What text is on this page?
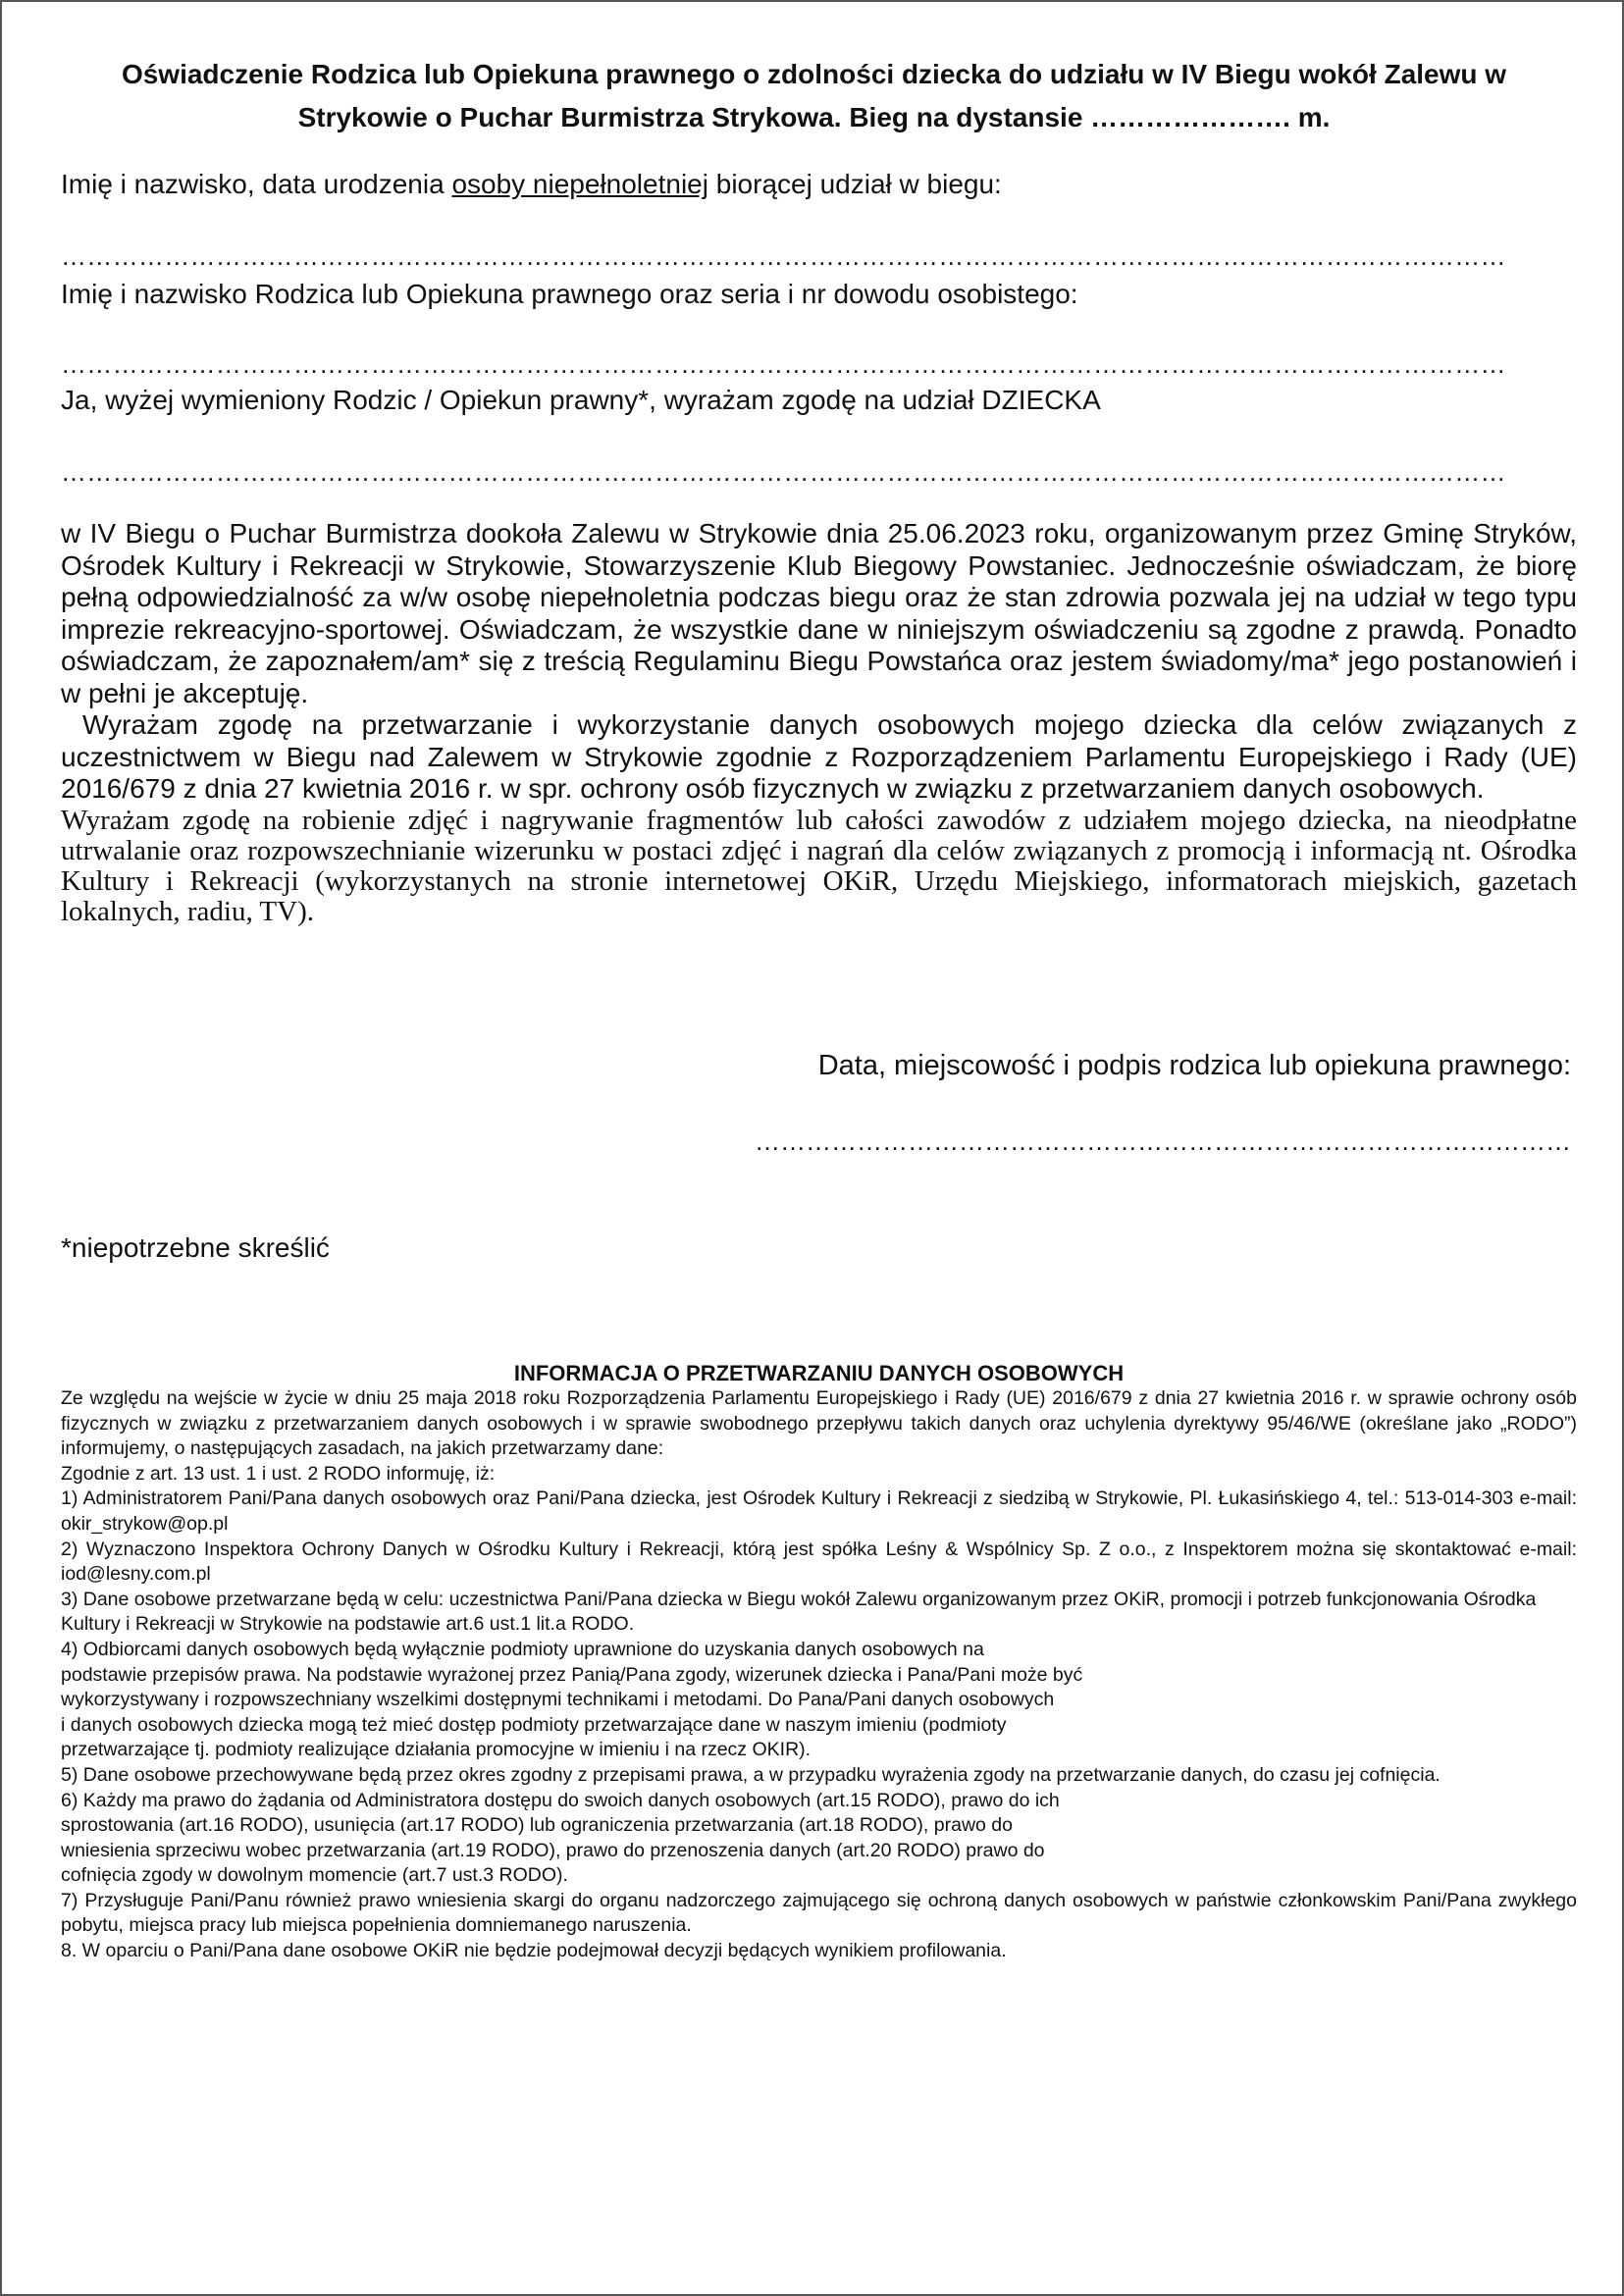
Oświadczenie Rodzica lub Opiekuna prawnego o zdolności dziecka do udziału w IV Biegu wokół Zalewu w Strykowie o Puchar Burmistrza Strykowa. Bieg na dystansie …………………. m.
Imię i nazwisko, data urodzenia osoby niepełnoletniej biorącej udział w biegu:
……………………………………………………………………………………………………………………………………………………
Imię i nazwisko Rodzica lub Opiekuna prawnego oraz seria i nr dowodu osobistego:
……………………………………………………………………………………………………………………………………………………
Ja, wyżej wymieniony Rodzic / Opiekun prawny*, wyrażam zgodę na udział DZIECKA
……………………………………………………………………………………………………………………………………………………

w IV Biegu o Puchar Burmistrza dookoła Zalewu w Strykowie dnia 25.06.2023 roku, organizowanym przez Gminę Stryków, Ośrodek Kultury i Rekreacji w Strykowie, Stowarzyszenie Klub Biegowy Powstaniec. Jednocześnie oświadczam, że biorę pełną odpowiedzialność za w/w osobę niepełnoletnia podczas biegu oraz że stan zdrowia pozwala jej na udział w tego typu imprezie rekreacyjno-sportowej. Oświadczam, że wszystkie dane w niniejszym oświadczeniu są zgodne z prawdą. Ponadto oświadczam, że zapoznałem/am* się z treścią Regulaminu Biegu Powstańca oraz jestem świadomy/ma* jego postanowień i w pełni je akceptuję.

Wyrażam zgodę na przetwarzanie i wykorzystanie danych osobowych mojego dziecka dla celów związanych z uczestnictwem w Biegu nad Zalewem w Strykowie zgodnie z Rozporządzeniem Parlamentu Europejskiego i Rady (UE) 2016/679 z dnia 27 kwietnia 2016 r. w spr. ochrony osób fizycznych w związku z przetwarzaniem danych osobowych.

Wyrażam zgodę na robienie zdjęć i nagrywanie fragmentów lub całości zawodów z udziałem mojego dziecka, na nieodpłatne utrwalanie oraz rozpowszechnianie wizerunku w postaci zdjęć i nagrań dla celów związanych z promocją i informacją nt. Ośrodka Kultury i Rekreacji (wykorzystanych na stronie internetowej OKiR, Urzędu Miejskiego, informatorach miejskich, gazetach lokalnych, radiu, TV).

Data, miejscowość i podpis rodzica lub opiekuna prawnego:
……………………………………………………………………………………
*niepotrzebne skreślić
INFORMACJA O PRZETWARZANIU DANYCH OSOBOWYCH

Ze względu na wejście w życie w dniu 25 maja 2018 roku Rozporządzenia Parlamentu Europejskiego i Rady (UE) 2016/679 z dnia 27 kwietnia 2016 r. w sprawie ochrony osób fizycznych w związku z przetwarzaniem danych osobowych i w sprawie swobodnego przepływu takich danych oraz uchylenia dyrektywy 95/46/WE (określane jako „RODO”) informujemy, o następujących zasadach, na jakich przetwarzamy dane:

Zgodnie z art. 13 ust. 1 i ust. 2 RODO informuję, iż:

1) Administratorem Pani/Pana danych osobowych oraz Pani/Pana dziecka, jest Ośrodek Kultury i Rekreacji z siedzibą w Strykowie, Pl. Łukasińskiego 4, tel.: 513-014-303 e-mail: okir_strykow@op.pl

2) Wyznaczono Inspektora Ochrony Danych w Ośrodku Kultury i Rekreacji, którą jest spółka Leśny & Wspólnicy Sp. Z o.o., z Inspektorem można się skontaktować e-mail: iod@lesny.com.pl

3) Dane osobowe przetwarzane będą w celu: uczestnictwa Pani/Pana dziecka w Biegu wokół Zalewu organizowanym przez OKiR, promocji i potrzeb funkcjonowania Ośrodka Kultury i Rekreacji w Strykowie na podstawie art.6 ust.1 lit.a RODO.

4) Odbiorcami danych osobowych będą wyłącznie podmioty uprawnione do uzyskania danych osobowych na

podstawie przepisów prawa. Na podstawie wyrażonej przez Panią/Pana zgody, wizerunek dziecka i Pana/Pani może być

wykorzystywany i rozpowszechniany wszelkimi dostępnymi technikami i metodami. Do Pana/Pani danych osobowych

i danych osobowych dziecka mogą też mieć dostęp podmioty przetwarzające dane w naszym imieniu (podmioty

przetwarzające tj. podmioty realizujące działania promocyjne w imieniu i na rzecz OKIR).

5) Dane osobowe przechowywane będą przez okres zgodny z przepisami prawa, a w przypadku wyrażenia zgody na przetwarzanie danych, do czasu jej cofnięcia.

6) Każdy ma prawo do żądania od Administratora dostępu do swoich danych osobowych (art.15 RODO), prawo do ich

sprostowania (art.16 RODO), usunięcia (art.17 RODO) lub ograniczenia przetwarzania (art.18 RODO), prawo do

wniesienia sprzeciwu wobec przetwarzania (art.19 RODO), prawo do przenoszenia danych (art.20 RODO) prawo do

cofnięcia zgody w dowolnym momencie (art.7 ust.3 RODO).

7) Przysługuje Pani/Panu również prawo wniesienia skargi do organu nadzorczego zajmującego się ochroną danych osobowych w państwie członkowskim Pani/Pana zwykłego pobytu, miejsca pracy lub miejsca popełnienia domniemanego naruszenia.

8. W oparciu o Pani/Pana dane osobowe OKiR nie będzie podejmował decyzji będących wynikiem profilowania.
